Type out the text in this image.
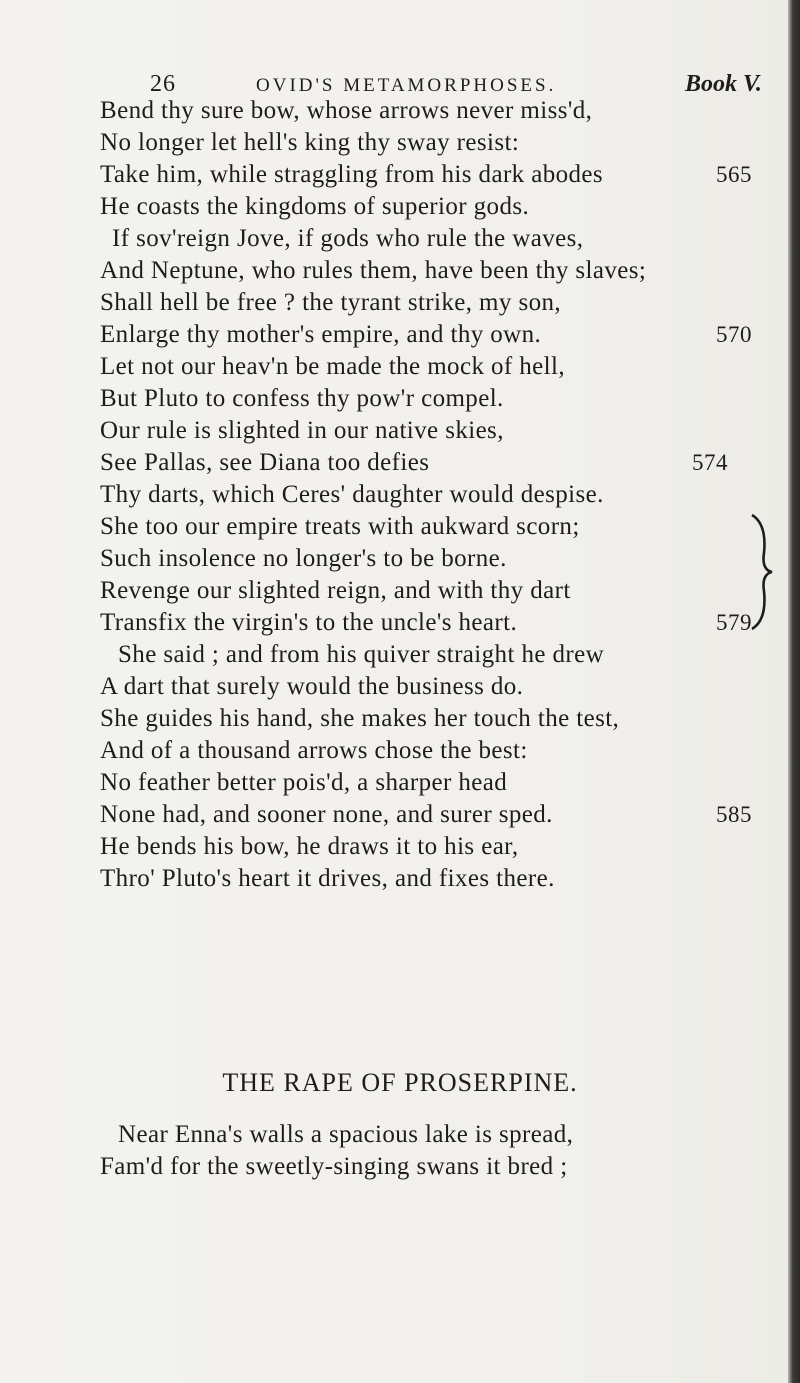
26	OVID'S METAMORPHOSES.	Book V.
Bend thy sure bow, whose arrows never miss'd,
No longer let hell's king thy sway resist:
Take him, while straggling from his dark abodes	565
He coasts the kingdoms of superior gods.
If sov'reign Jove, if gods who rule the waves,
And Neptune, who rules them, have been thy slaves;
Shall hell be free ? the tyrant strike, my son,
Enlarge thy mother's empire, and thy own.	570
Let not our heav'n be made the mock of hell,
But Pluto to confess thy pow'r compel.
Our rule is slighted in our native skies,
See Pallas, see Diana too defies	574
Thy darts, which Ceres' daughter would despise.
She too our empire treats with aukward scorn;
Such insolence no longer's to be borne.
Revenge our slighted reign, and with thy dart
Transfix the virgin's to the uncle's heart.	579
She said ; and from his quiver straight he drew
A dart that surely would the business do.
She guides his hand, she makes her touch the test,
And of a thousand arrows chose the best:
No feather better pois'd, a sharper head
None had, and sooner none, and surer sped.	585
He bends his bow, he draws it to his ear,
Thro' Pluto's heart it drives, and fixes there.
THE RAPE OF PROSERPINE.
Near Enna's walls a spacious lake is spread,
Fam'd for the sweetly-singing swans it bred ;
